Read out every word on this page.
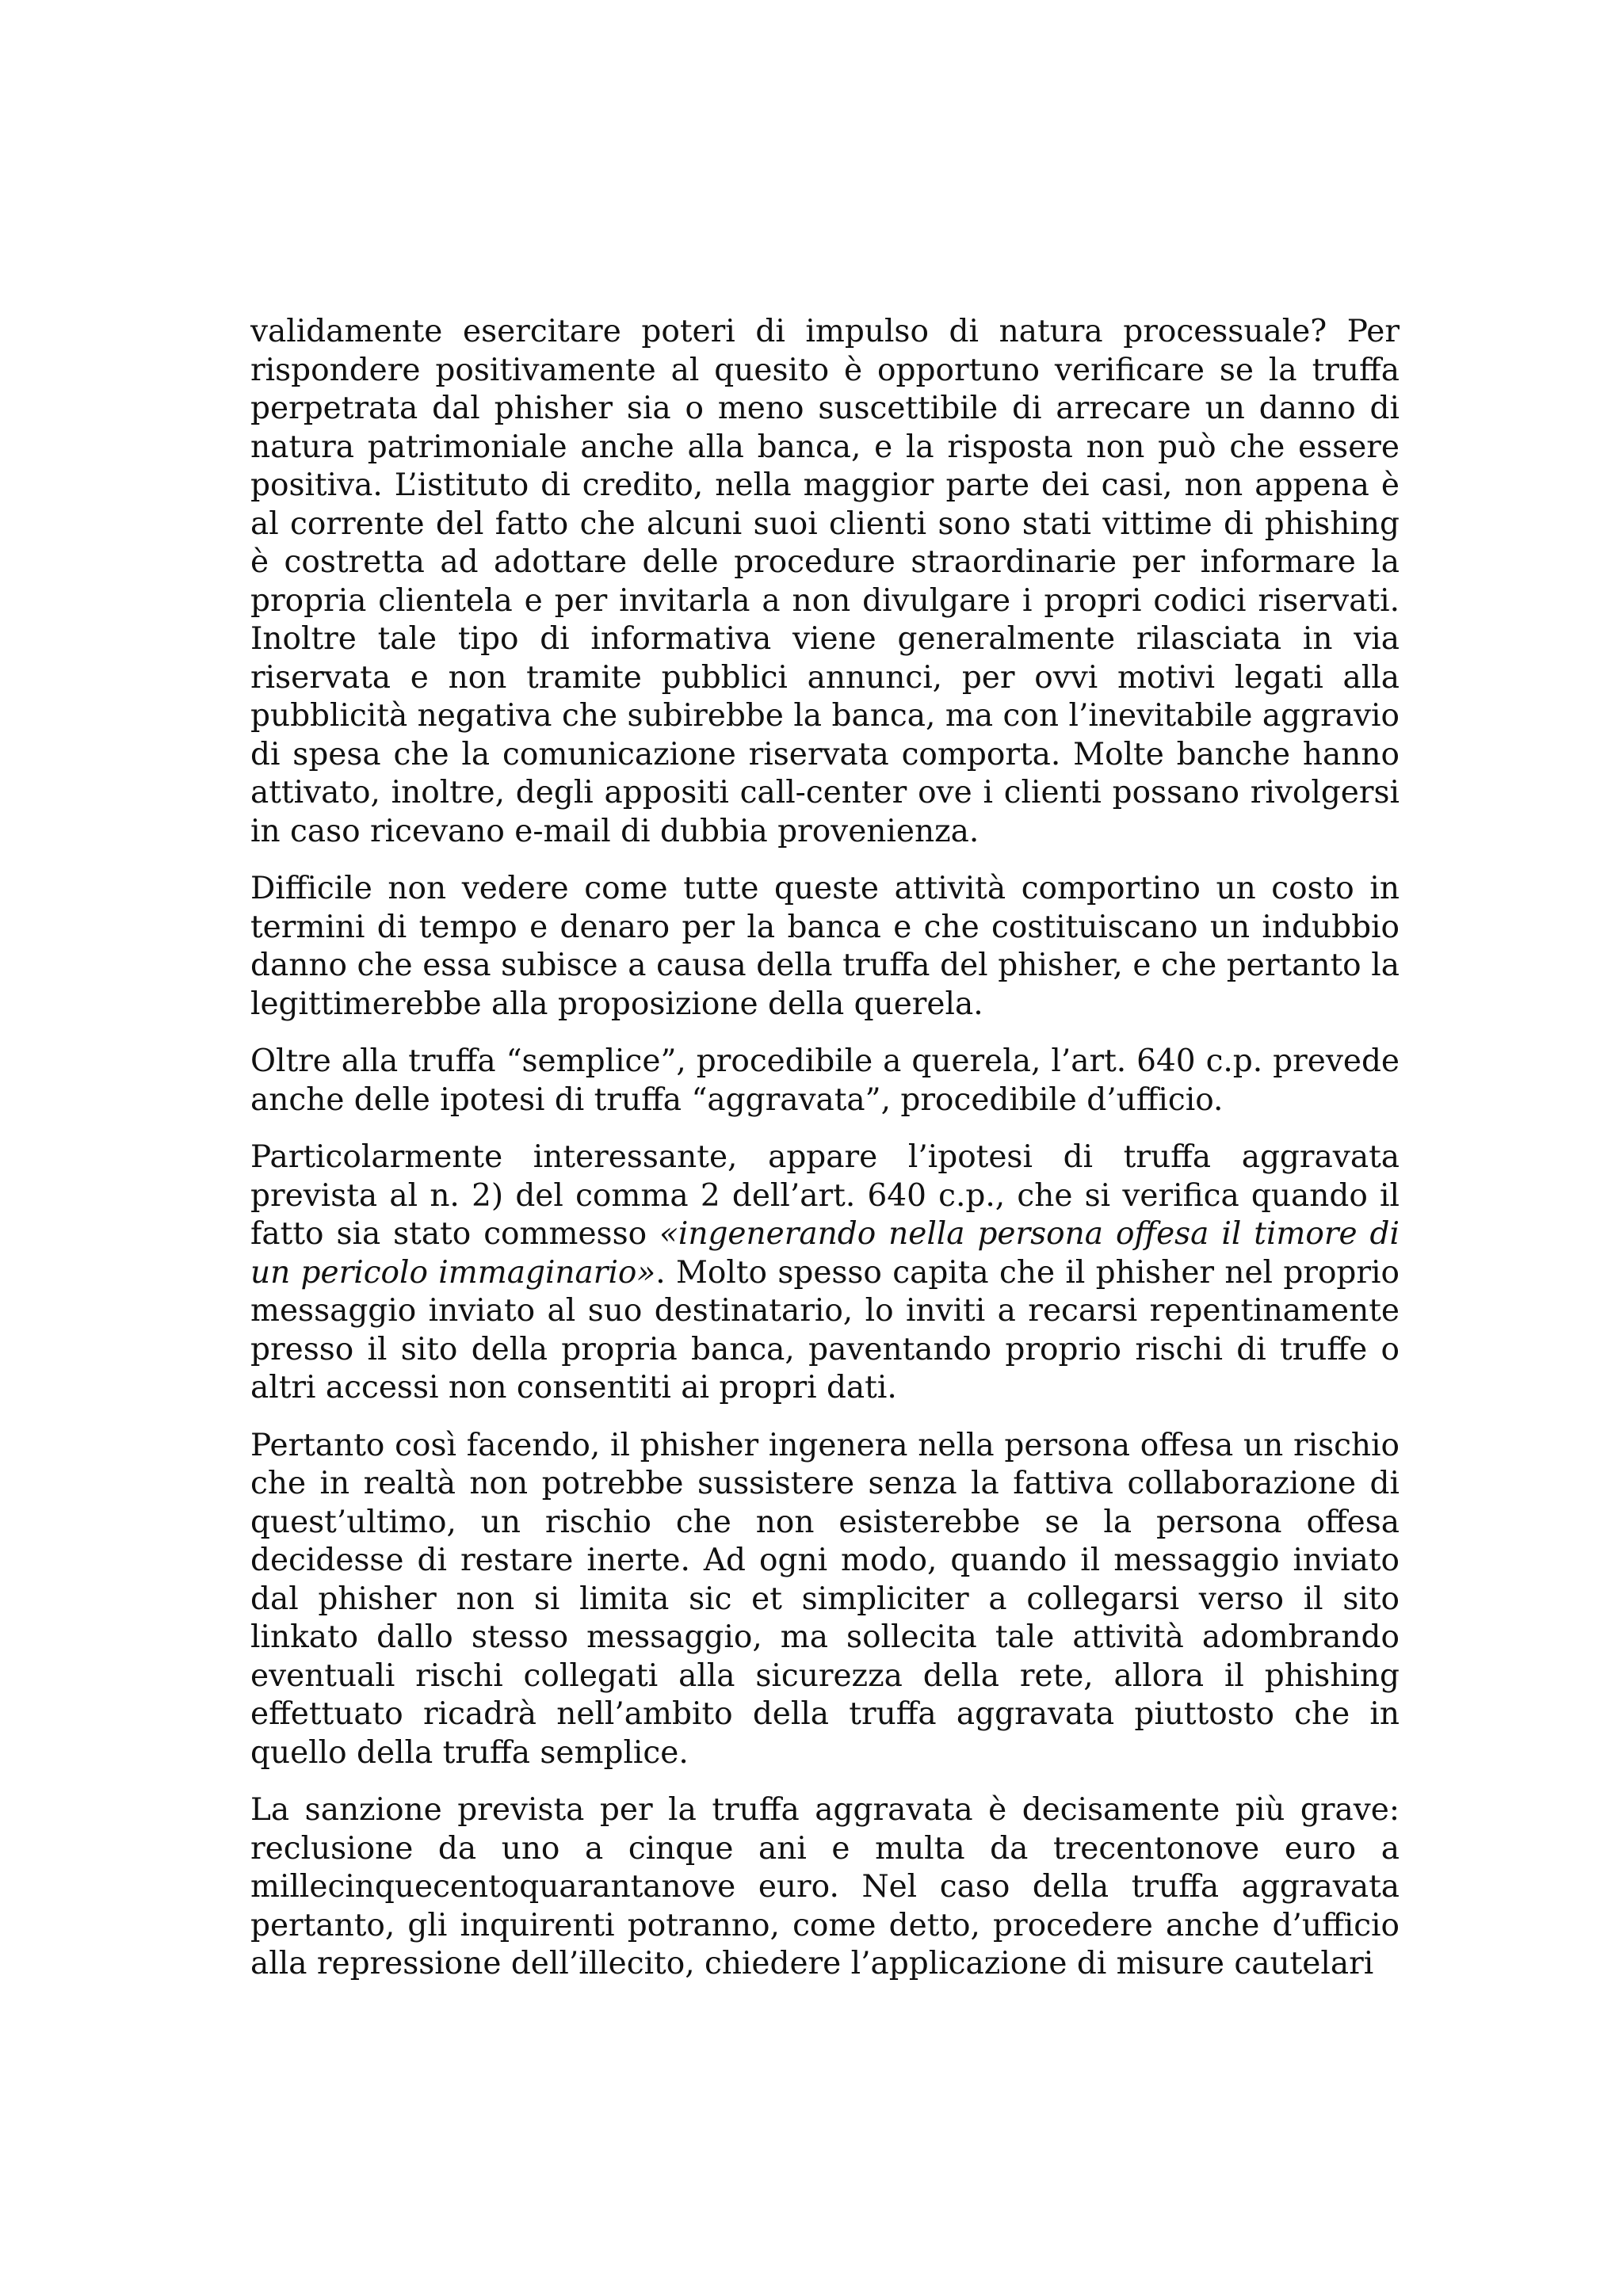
validamente esercitare poteri di impulso di natura processuale? Per rispondere positivamente al quesito è opportuno verificare se la truffa perpetrata dal phisher sia o meno suscettibile di arrecare un danno di natura patrimoniale anche alla banca, e la risposta non può che essere positiva. L’istituto di credito, nella maggior parte dei casi, non appena è al corrente del fatto che alcuni suoi clienti sono stati vittime di phishing è costretta ad adottare delle procedure straordinarie per informare la propria clientela e per invitarla a non divulgare i propri codici riservati. Inoltre tale tipo di informativa viene generalmente rilasciata in via riservata e non tramite pubblici annunci, per ovvi motivi legati alla pubblicità negativa che subirebbe la banca, ma con l’inevitabile aggravio di spesa che la comunicazione riservata comporta. Molte banche hanno attivato, inoltre, degli appositi call-center ove i clienti possano rivolgersi in caso ricevano e-mail di dubbia provenienza.

Difficile non vedere come tutte queste attività comportino un costo in termini di tempo e denaro per la banca e che costituiscano un indubbio danno che essa subisce a causa della truffa del phisher, e che pertanto la legittimerebbe alla proposizione della querela.

Oltre alla truffa “semplice”, procedibile a querela, l’art. 640 c.p. prevede anche delle ipotesi di truffa “aggravata”, procedibile d’ufficio.

Particolarmente interessante, appare l’ipotesi di truffa aggravata prevista al n. 2) del comma 2 dell’art. 640 c.p., che si verifica quando il fatto sia stato commesso «ingenerando nella persona offesa il timore di un pericolo immaginario». Molto spesso capita che il phisher nel proprio messaggio inviato al suo destinatario, lo inviti a recarsi repentinamente presso il sito della propria banca, paventando proprio rischi di truffe o altri accessi non consentiti ai propri dati.

Pertanto così facendo, il phisher ingenera nella persona offesa un rischio che in realtà non potrebbe sussistere senza la fattiva collaborazione di quest’ultimo, un rischio che non esisterebbe se la persona offesa decidesse di restare inerte. Ad ogni modo, quando il messaggio inviato dal phisher non si limita sic et simpliciter a collegarsi verso il sito linkato dallo stesso messaggio, ma sollecita tale attività adombrando eventuali rischi collegati alla sicurezza della rete, allora il phishing effettuato ricadrà nell’ambito della truffa aggravata piuttosto che in quello della truffa semplice.

La sanzione prevista per la truffa aggravata è decisamente più grave: reclusione da uno a cinque ani e multa da trecentonove euro a millecinquecentoquarantanove euro. Nel caso della truffa aggravata pertanto, gli inquirenti potranno, come detto, procedere anche d’ufficio alla repressione dell’illecito, chiedere l’applicazione di misure cautelari
